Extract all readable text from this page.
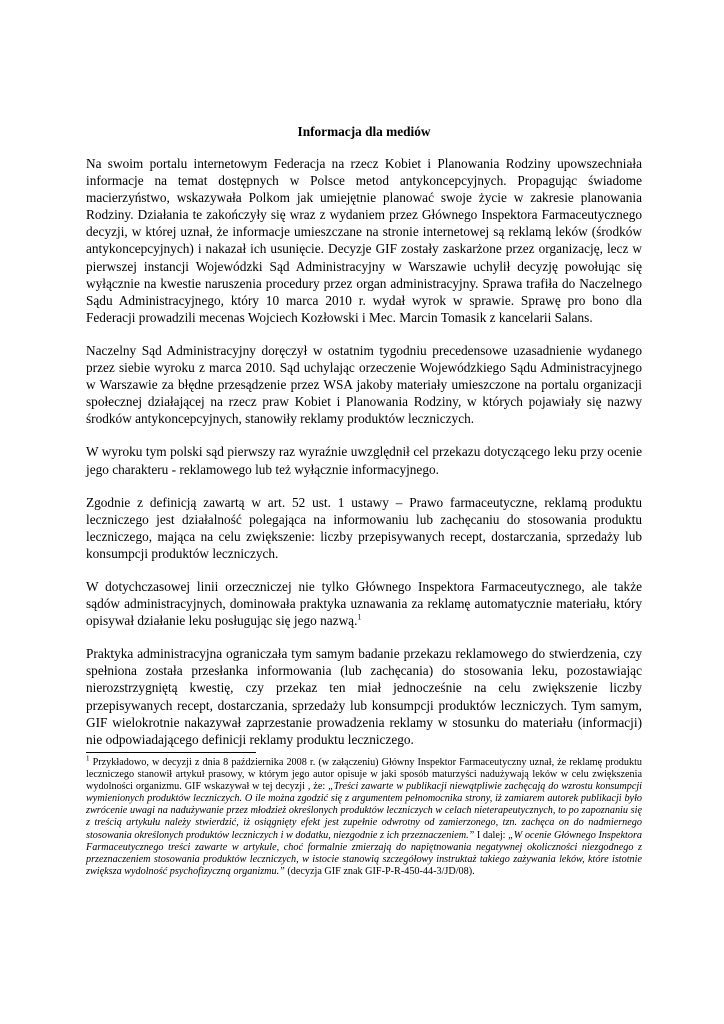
Informacja dla mediów

Na swoim portalu internetowym Federacja na rzecz Kobiet i Planowania Rodziny upowszechniała informacje na temat dostępnych w Polsce metod antykoncepcyjnych. Propagując świadome macierzyństwo, wskazywała Polkom jak umiejętnie planować swoje życie w zakresie planowania Rodziny. Działania te zakończyły się wraz z wydaniem przez Głównego Inspektora Farmaceutycznego decyzji, w której uznał, że informacje umieszczane na stronie internetowej są reklamą leków (środków antykoncepcyjnych) i nakazał ich usunięcie. Decyzje GIF zostały zaskarżone przez organizację, lecz w pierwszej instancji Wojewódzki Sąd Administracyjny w Warszawie uchylił decyzję powołując się wyłącznie na kwestie naruszenia procedury przez organ administracyjny. Sprawa trafiła do Naczelnego Sądu Administracyjnego, który 10 marca 2010 r. wydał wyrok w sprawie. Sprawę pro bono dla Federacji prowadzili mecenas Wojciech Kozłowski i Mec. Marcin Tomasik z kancelarii Salans.

Naczelny Sąd Administracyjny doręczył w ostatnim tygodniu precedensowe uzasadnienie wydanego przez siebie wyroku z marca 2010. Sąd uchylając orzeczenie Wojewódzkiego Sądu Administracyjnego w Warszawie za błędne przesądzenie przez WSA jakoby materiały umieszczone na portalu organizacji społecznej działającej na rzecz praw Kobiet i Planowania Rodziny, w których pojawiały się nazwy środków antykoncepcyjnych, stanowiły reklamy produktów leczniczych.

W wyroku tym polski sąd pierwszy raz wyraźnie uwzględnił cel przekazu dotyczącego leku przy ocenie jego charakteru - reklamowego lub też wyłącznie informacyjnego.

Zgodnie z definicją zawartą w art. 52 ust. 1 ustawy – Prawo farmaceutyczne, reklamą produktu leczniczego jest działalność polegająca na informowaniu lub zachęcaniu do stosowania produktu leczniczego, mająca na celu zwiększenie: liczby przepisywanych recept, dostarczania, sprzedaży lub konsumpcji produktów leczniczych.

W dotychczasowej linii orzeczniczej nie tylko Głównego Inspektora Farmaceutycznego, ale także sądów administracyjnych, dominowała praktyka uznawania za reklamę automatycznie materiału, który opisywał działanie leku posługując się jego nazwą.$^1$

Praktyka administracyjna ograniczała tym samym badanie przekazu reklamowego do stwierdzenia, czy spełniona została przesłanka informowania (lub zachęcania) do stosowania leku, pozostawiając nierozstrzygniętą kwestię, czy przekaz ten miał jednocześnie na celu zwiększenie liczby przepisywanych recept, dostarczania, sprzedaży lub konsumpcji produktów leczniczych. Tym samym, GIF wielokrotnie nakazywał zaprzestanie prowadzenia reklamy w stosunku do materiału (informacji) nie odpowiadającego definicji reklamy produktu leczniczego.

$^1$ Przykładowo, w decyzji z dnia 8 października 2008 r. (w załączeniu) Główny Inspektor Farmaceutyczny uznał, że reklamę produktu leczniczego stanowił artykuł prasowy, w którym jego autor opisuje w jaki sposób maturzyści nadużywają leków w celu zwiększenia wydolności organizmu. GIF wskazywał w tej decyzji , że: „Treści zawarte w publikacji niewątpliwie zachęcają do wzrostu konsumpcji wymienionych produktów leczniczych. O ile można zgodzić się z argumentem pełnomocnika strony, iż zamiarem autorek publikacji było zwrócenie uwagi na nadużywanie przez młodzież określonych produktów leczniczych w celach nieterapeutycznych, to po zapoznaniu się z treścią artykułu należy stwierdzić, iż osiągnięty efekt jest zupełnie odwrotny od zamierzonego, tzn. zachęca on do nadmiernego stosowania określonych produktów leczniczych i w dodatku, niezgodnie z ich przeznaczeniem.” I dalej: „W ocenie Głównego Inspektora Farmaceutycznego treści zawarte w artykule, choć formalnie zmierzają do napiętnowania negatywnej okoliczności niezgodnego z przeznaczeniem stosowania produktów leczniczych, w istocie stanowią szczegółowy instruktaż takiego zażywania leków, które istotnie zwiększa wydolność psychofizyczną organizmu.” (decyzja GIF znak GIF-P-R-450-44-3/JD/08).
